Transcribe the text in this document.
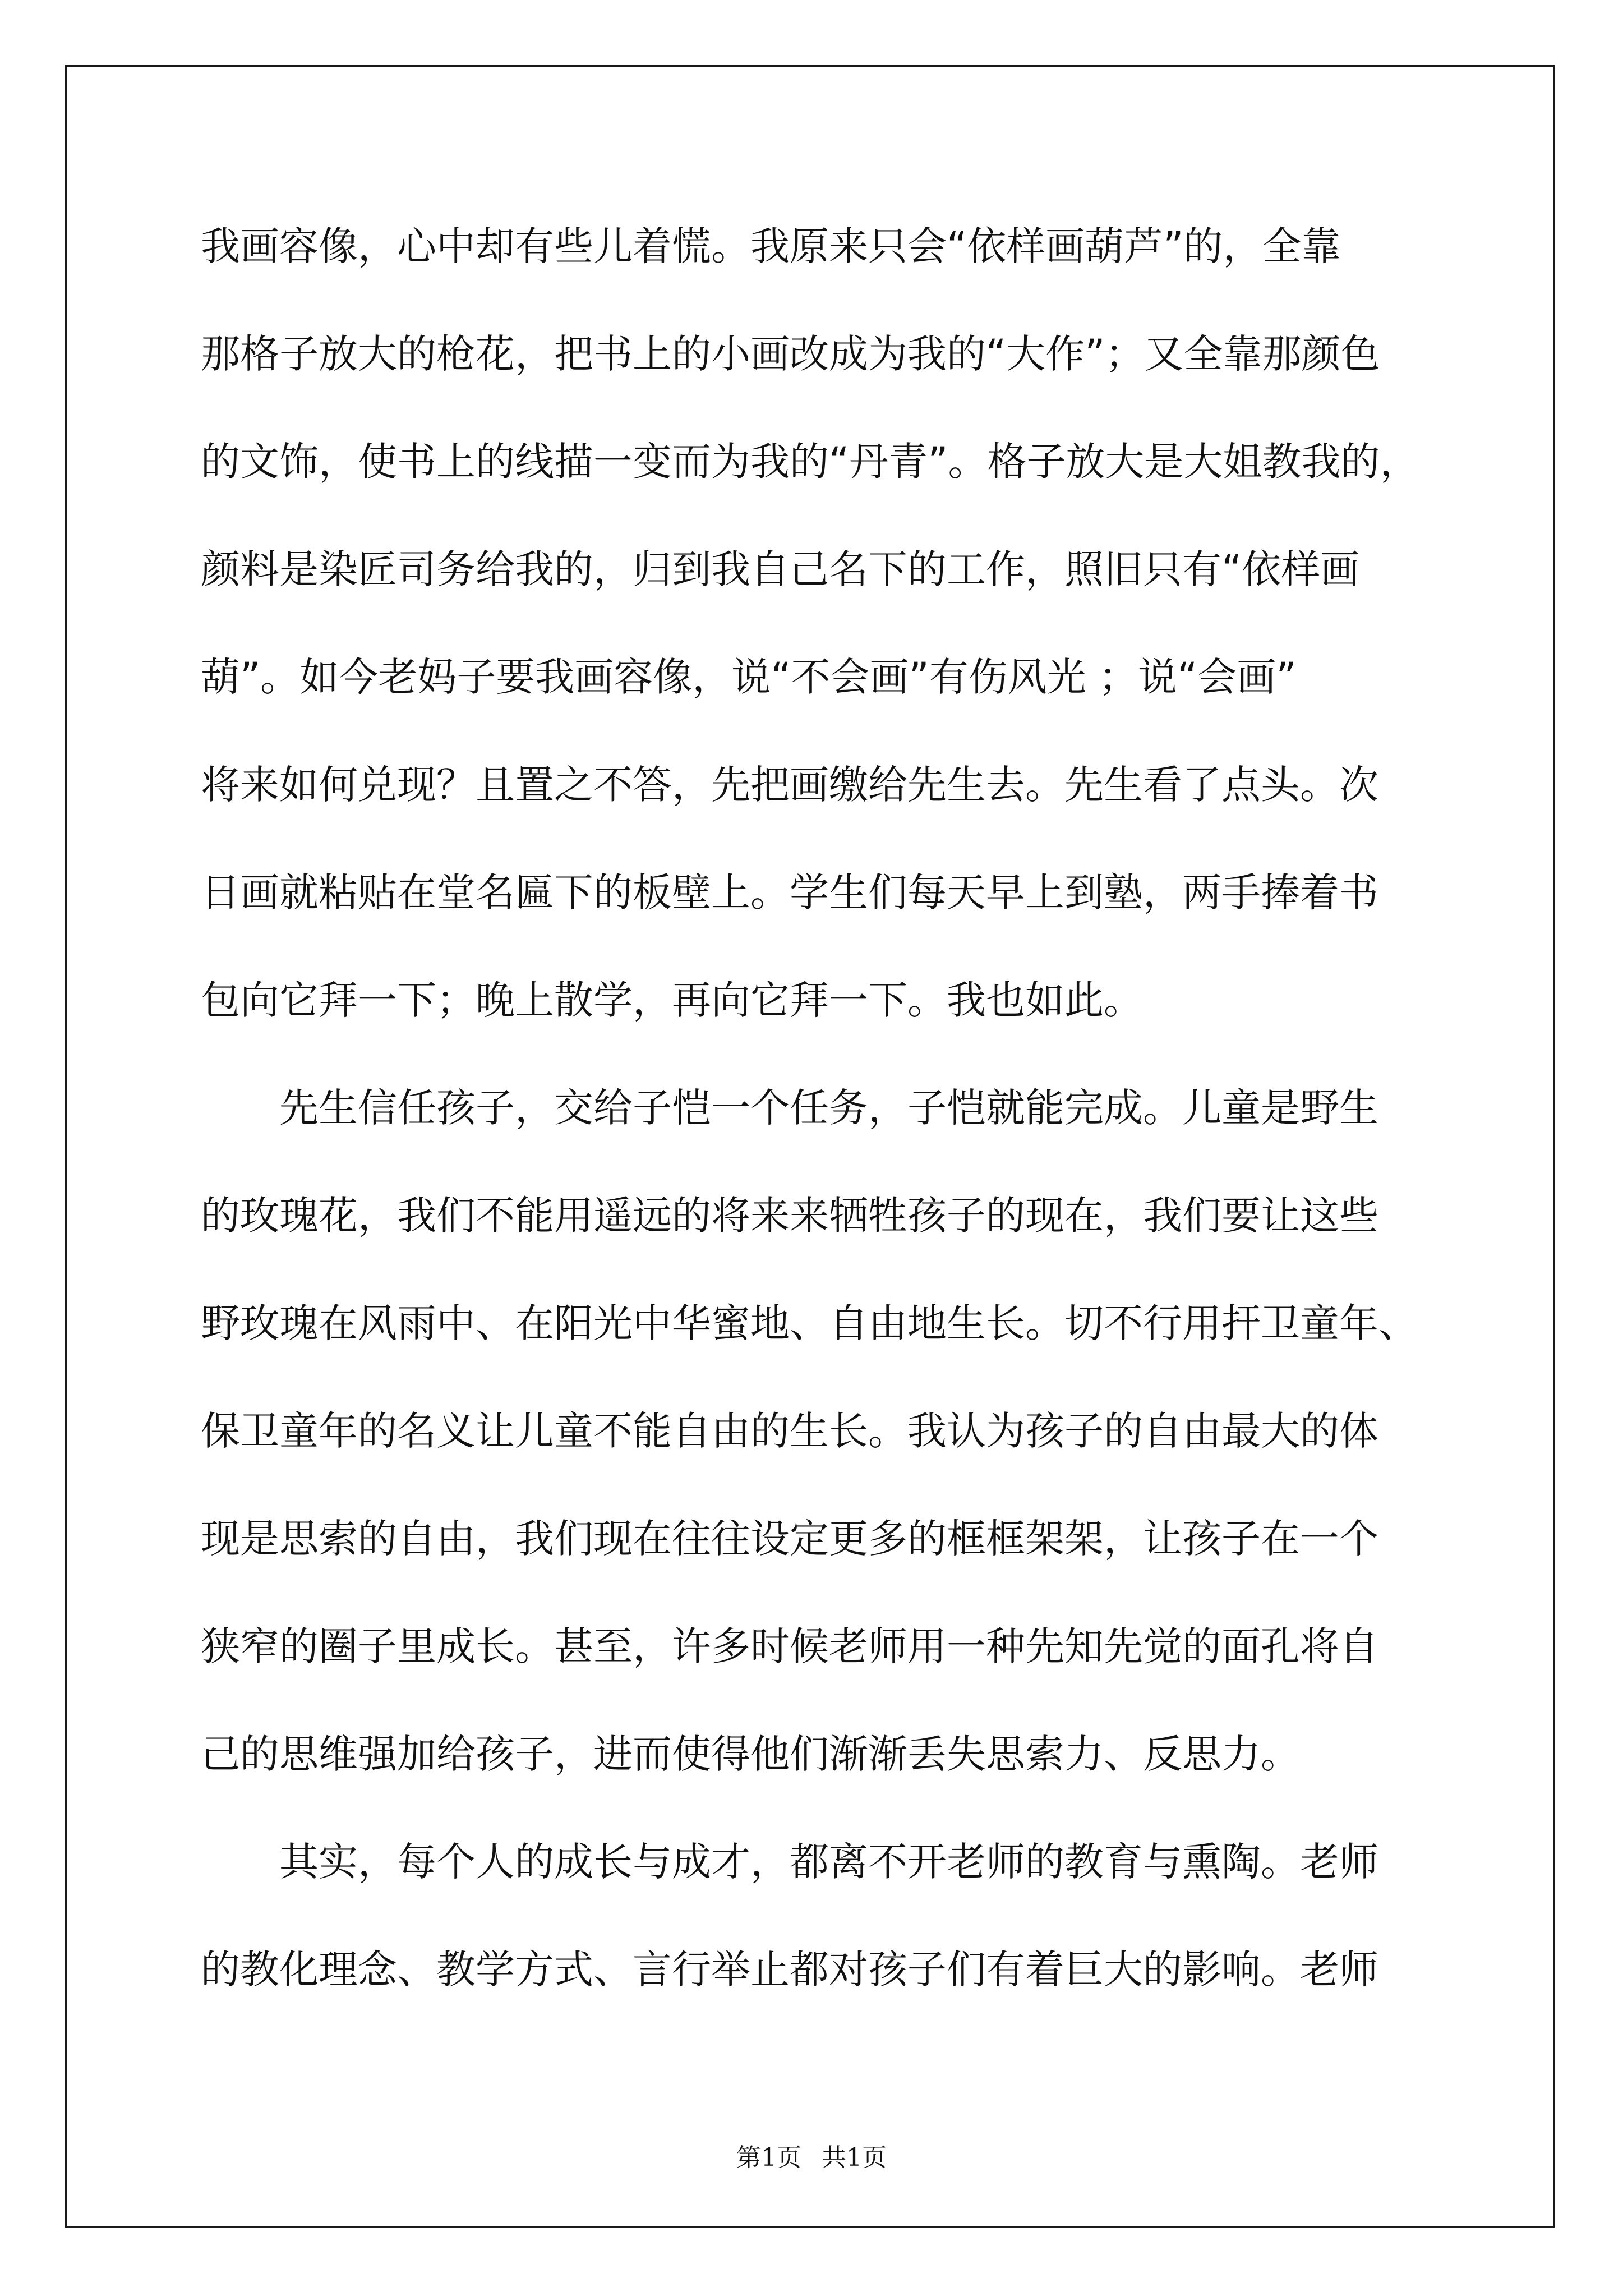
我画容像，心中却有些儿着慌。我原来只会“依样画葫芦”的，全靠
那格子放大的枪花，把书上的小画改成为我的“大作”；又全靠那颜色
的文饰，使书上的线描一变而为我的“丹青”。格子放大是大姐教我的，
颜料是染匠司务给我的，归到我自己名下的工作，照旧只有“依样画
葫”。如今老妈子要我画容像，说“不会画”有伤风光 ；说“会画”
将来如何兑现？且置之不答，先把画缴给先生去。先生看了点头。次
日画就粘贴在堂名匾下的板壁上。学生们每天早上到塾，两手捧着书
包向它拜一下；晚上散学，再向它拜一下。我也如此。
先生信任孩子，交给子恺一个任务，子恺就能完成。儿童是野生
的玫瑰花，我们不能用遥远的将来来牺牲孩子的现在，我们要让这些
野玫瑰在风雨中、在阳光中华蜜地、自由地生长。切不行用扞卫童年、
保卫童年的名义让儿童不能自由的生长。我认为孩子的自由最大的体
现是思索的自由，我们现在往往设定更多的框框架架，让孩子在一个
狭窄的圈子里成长。甚至，许多时候老师用一种先知先觉的面孔将自
己的思维强加给孩子，进而使得他们渐渐丢失思索力、反思力。
其实，每个人的成长与成才，都离不开老师的教育与熏陶。老师
的教化理念、教学方式、言行举止都对孩子们有着巨大的影响。老师
第1页 共1页
